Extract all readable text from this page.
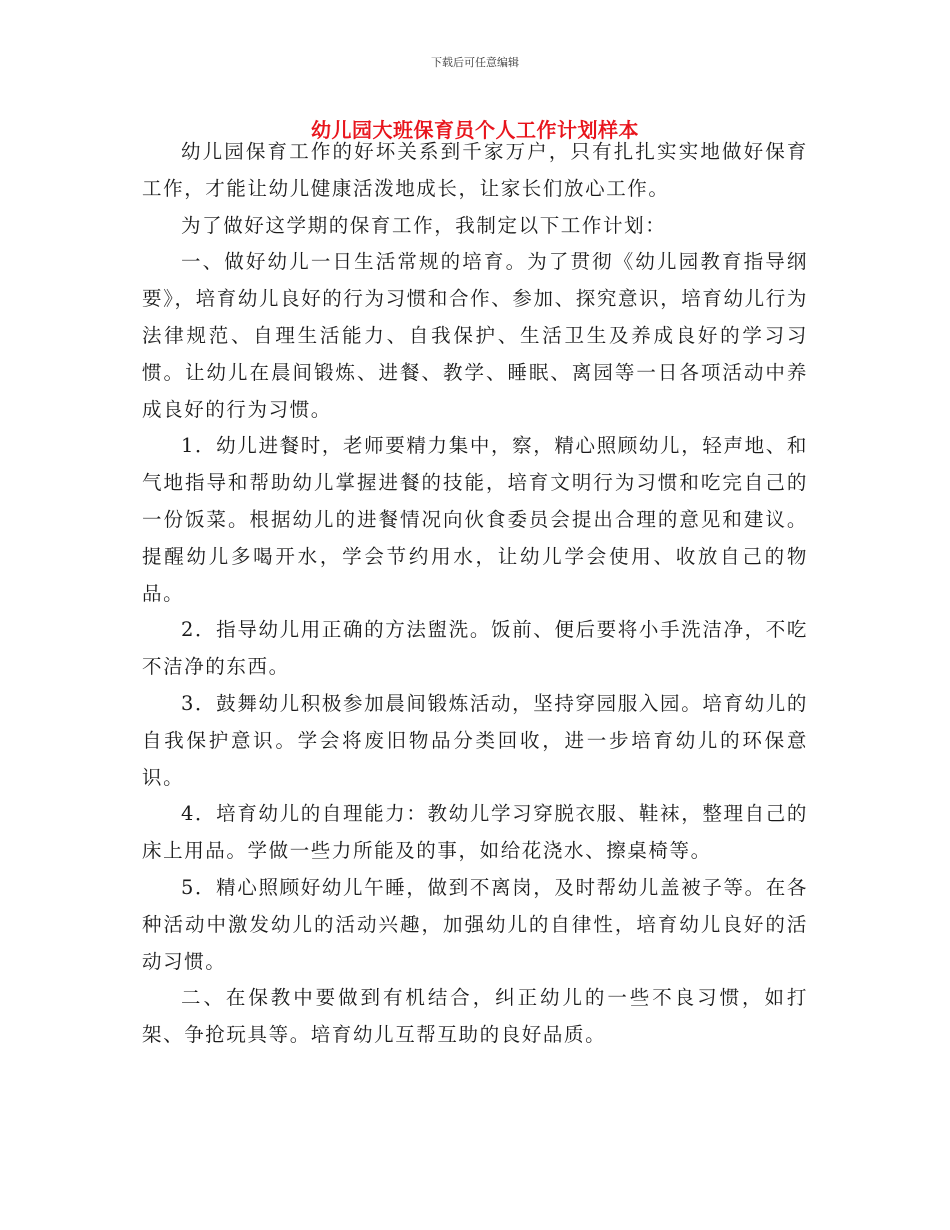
下载后可任意编辑
幼儿园大班保育员个人工作计划样本

幼儿园保育工作的好坏关系到千家万户，只有扎扎实实地做好保育工作，才能让幼儿健康活泼地成长，让家长们放心工作。

为了做好这学期的保育工作，我制定以下工作计划：

一、做好幼儿一日生活常规的培育。为了贯彻《幼儿园教育指导纲要》，培育幼儿良好的行为习惯和合作、参加、探究意识，培育幼儿行为法律规范、自理生活能力、自我保护、生活卫生及养成良好的学习习惯。让幼儿在晨间锻炼、进餐、教学、睡眠、离园等一日各项活动中养成良好的行为习惯。

1．幼儿进餐时，老师要精力集中，察，精心照顾幼儿，轻声地、和气地指导和帮助幼儿掌握进餐的技能，培育文明行为习惯和吃完自己的一份饭菜。根据幼儿的进餐情况向伙食委员会提出合理的意见和建议。提醒幼儿多喝开水，学会节约用水，让幼儿学会使用、收放自己的物品。

2．指导幼儿用正确的方法盥洗。饭前、便后要将小手洗洁净，不吃不洁净的东西。

3．鼓舞幼儿积极参加晨间锻炼活动，坚持穿园服入园。培育幼儿的自我保护意识。学会将废旧物品分类回收，进一步培育幼儿的环保意识。

4．培育幼儿的自理能力：教幼儿学习穿脱衣服、鞋袜，整理自己的床上用品。学做一些力所能及的事，如给花浇水、擦桌椅等。

5．精心照顾好幼儿午睡，做到不离岗，及时帮幼儿盖被子等。在各种活动中激发幼儿的活动兴趣，加强幼儿的自律性，培育幼儿良好的活动习惯。

二、在保教中要做到有机结合，纠正幼儿的一些不良习惯，如打架、争抢玩具等。培育幼儿互帮互助的良好品质。
